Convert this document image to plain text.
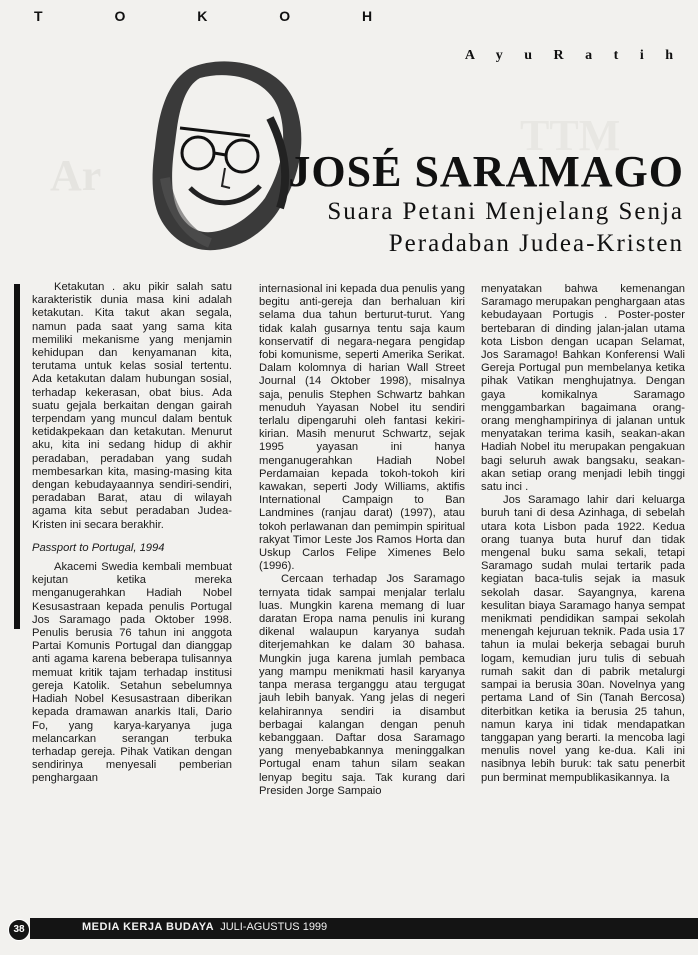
Ar
TTM
T O K O H
A y u R a t i h
JOSÉ SARAMAGO
Suara Petani Menjelang Senja
Peradaban Judea-Kristen

Ketakutan . aku pikir salah satu karakteristik dunia masa kini adalah ketakutan. Kita takut akan segala, namun pada saat yang sama kita memiliki mekanisme yang menjamin kehidupan dan kenyamanan kita, terutama untuk kelas sosial tertentu. Ada ketakutan dalam hubungan sosial, terhadap kekerasan, obat bius. Ada suatu gejala berkaitan dengan gairah terpendam yang muncul dalam bentuk ketidakpekaan dan ketakutan. Menurut aku, kita ini sedang hidup di akhir peradaban, peradaban yang sudah membesarkan kita, masing-masing kita dengan kebudayaannya sendiri-sendiri, peradaban Barat, atau di wilayah agama kita sebut peradaban Judea-Kristen ini secara berakhir.

Passport to Portugal, 1994

Akacemi Swedia kembali membuat kejutan ketika mereka menganugerahkan Hadiah Nobel Kesusastraan kepada penulis Portugal Jos Saramago pada Oktober 1998. Penulis berusia 76 tahun ini anggota Partai Komunis Portugal dan dianggap anti agama karena beberapa tulisannya memuat kritik tajam terhadap institusi gereja Katolik. Setahun sebelumnya Hadiah Nobel Kesusastraan diberikan kepada dramawan anarkis Itali, Dario Fo, yang karya-karyanya juga melancarkan serangan terbuka terhadap gereja. Pihak Vatikan dengan sendirinya menyesali pemberian penghargaan

internasional ini kepada dua penulis yang begitu anti-gereja dan berhaluan kiri selama dua tahun berturut-turut. Yang tidak kalah gusarnya tentu saja kaum konservatif di negara-negara pengidap fobi komunisme, seperti Amerika Serikat. Dalam kolomnya di harian Wall Street Journal (14 Oktober 1998), misalnya saja, penulis Stephen Schwartz bahkan menuduh Yayasan Nobel itu sendiri terlalu dipengaruhi oleh fantasi kekiri-kirian. Masih menurut Schwartz, sejak 1995 yayasan ini hanya menganugerahkan Hadiah Nobel Perdamaian kepada tokoh-tokoh kiri kawakan, seperti Jody Williams, aktifis International Campaign to Ban Landmines (ranjau darat) (1997), atau tokoh perlawanan dan pemimpin spiritual rakyat Timor Leste Jos Ramos Horta dan Uskup Carlos Felipe Ximenes Belo (1996).

Cercaan terhadap Jos Saramago ternyata tidak sampai menjalar terlalu luas. Mungkin karena memang di luar daratan Eropa nama penulis ini kurang dikenal walaupun karyanya sudah diterjemahkan ke dalam 30 bahasa. Mungkin juga karena jumlah pembaca yang mampu menikmati hasil karyanya tanpa merasa terganggu atau tergugat jauh lebih banyak. Yang jelas di negeri kelahirannya sendiri ia disambut berbagai kalangan dengan penuh kebanggaan. Daftar dosa Saramago yang menyebabkannya meninggalkan Portugal enam tahun silam seakan lenyap begitu saja. Tak kurang dari Presiden Jorge Sampaio

menyatakan bahwa kemenangan Saramago merupakan penghargaan atas kebudayaan Portugis . Poster-poster bertebaran di dinding jalan-jalan utama kota Lisbon dengan ucapan Selamat, Jos Saramago! Bahkan Konferensi Wali Gereja Portugal pun membelanya ketika pihak Vatikan menghujatnya. Dengan gaya komikalnya Saramago menggambarkan bagaimana orang-orang menghampirinya di jalanan untuk menyatakan terima kasih, seakan-akan Hadiah Nobel itu merupakan pengakuan bagi seluruh awak bangsaku, seakan-akan setiap orang menjadi lebih tinggi satu inci .

Jos Saramago lahir dari keluarga buruh tani di desa Azinhaga, di sebelah utara kota Lisbon pada 1922. Kedua orang tuanya buta huruf dan tidak mengenal buku sama sekali, tetapi Saramago sudah mulai tertarik pada kegiatan baca-tulis sejak ia masuk sekolah dasar. Sayangnya, karena kesulitan biaya Saramago hanya sempat menikmati pendidikan sampai sekolah menengah kejuruan teknik. Pada usia 17 tahun ia mulai bekerja sebagai buruh logam, kemudian juru tulis di sebuah rumah sakit dan di pabrik metalurgi sampai ia berusia 30an. Novelnya yang pertama Land of Sin (Tanah Bercosa) diterbitkan ketika ia berusia 25 tahun, namun karya ini tidak mendapatkan tanggapan yang berarti. Ia mencoba lagi menulis novel yang ke-dua. Kali ini nasibnya lebih buruk: tak satu penerbit pun berminat mempublikasikannya. Ia

38	MEDIA KERJA BUDAYA JULI-AGUSTUS 1999
